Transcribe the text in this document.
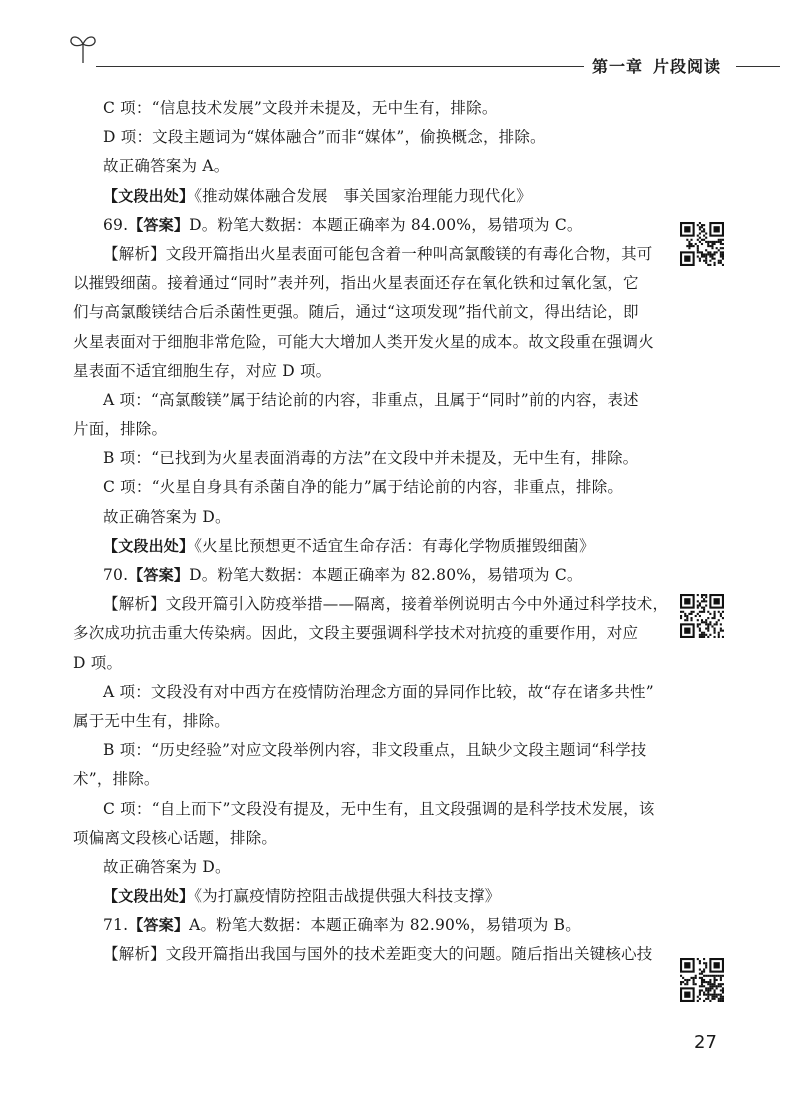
第一章 片段阅读
C 项：“信息技术发展”文段并未提及，无中生有，排除。
D 项：文段主题词为“媒体融合”而非“媒体”，偷换概念，排除。
故正确答案为 A。
【文段出处】《推动媒体融合发展　事关国家治理能力现代化》
69.【答案】D。粉笔大数据：本题正确率为 84.00%，易错项为 C。
【解析】文段开篇指出火星表面可能包含着一种叫高氯酸镁的有毒化合物，其可
以摧毁细菌。接着通过“同时”表并列，指出火星表面还存在氧化铁和过氧化氢，它
们与高氯酸镁结合后杀菌性更强。随后，通过“这项发现”指代前文，得出结论，即
火星表面对于细胞非常危险，可能大大增加人类开发火星的成本。故文段重在强调火
星表面不适宜细胞生存，对应 D 项。
A 项：“高氯酸镁”属于结论前的内容，非重点，且属于“同时”前的内容，表述
片面，排除。
B 项：“已找到为火星表面消毒的方法”在文段中并未提及，无中生有，排除。
C 项：“火星自身具有杀菌自净的能力”属于结论前的内容，非重点，排除。
故正确答案为 D。
【文段出处】《火星比预想更不适宜生命存活：有毒化学物质摧毁细菌》
70.【答案】D。粉笔大数据：本题正确率为 82.80%，易错项为 C。
【解析】文段开篇引入防疫举措——隔离，接着举例说明古今中外通过科学技术，
多次成功抗击重大传染病。因此，文段主要强调科学技术对抗疫的重要作用，对应
D 项。
A 项：文段没有对中西方在疫情防治理念方面的异同作比较，故“存在诸多共性”
属于无中生有，排除。
B 项：“历史经验”对应文段举例内容，非文段重点，且缺少文段主题词“科学技
术”，排除。
C 项：“自上而下”文段没有提及，无中生有，且文段强调的是科学技术发展，该
项偏离文段核心话题，排除。
故正确答案为 D。
【文段出处】《为打赢疫情防控阻击战提供强大科技支撑》
71.【答案】A。粉笔大数据：本题正确率为 82.90%，易错项为 B。
【解析】文段开篇指出我国与国外的技术差距变大的问题。随后指出关键核心技
27
